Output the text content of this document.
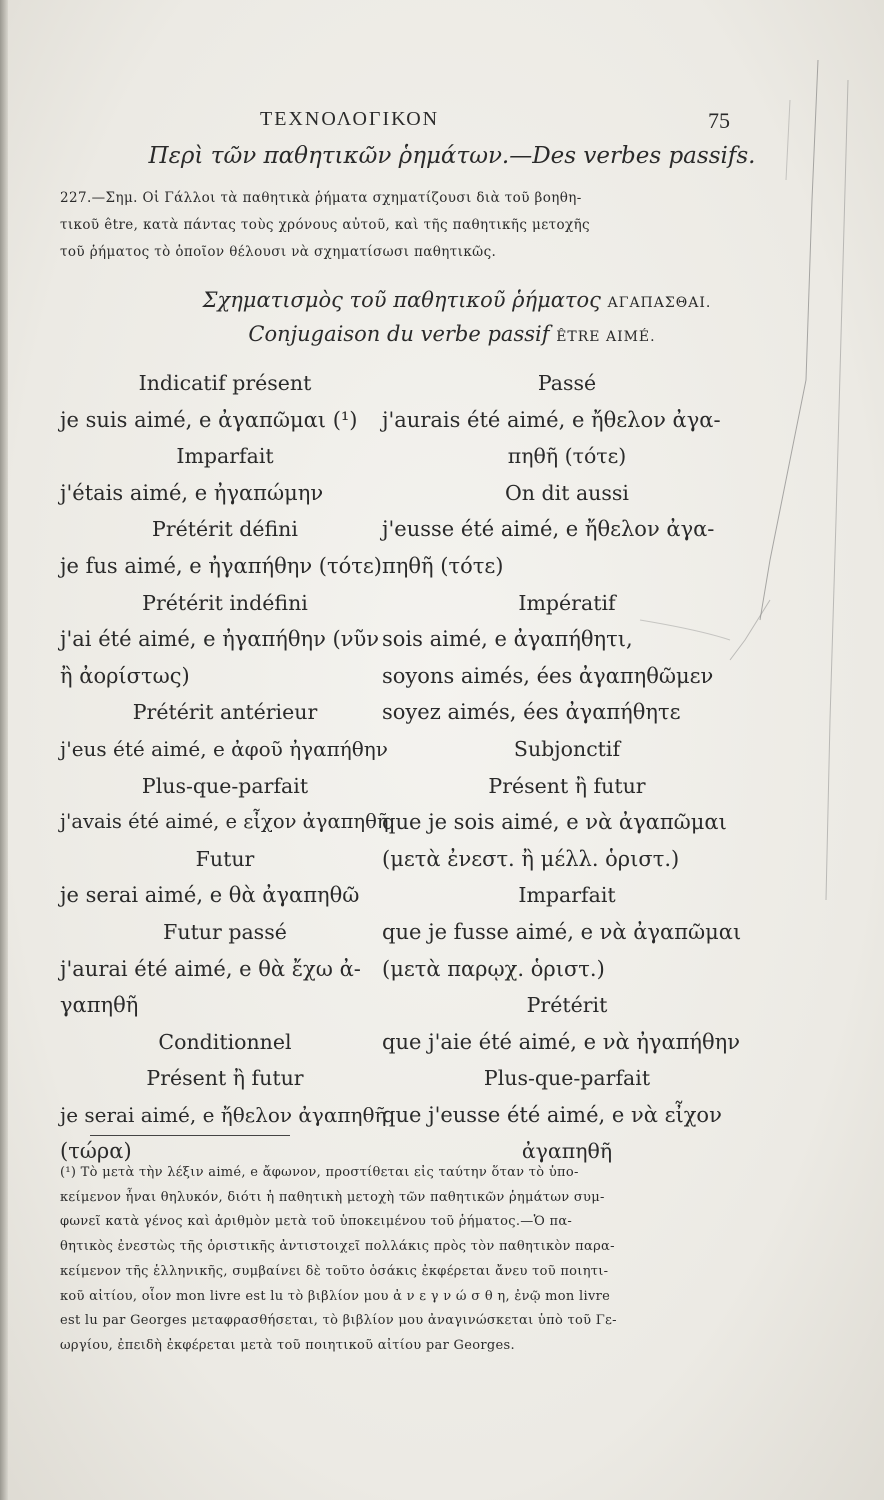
ΤΕΧΝΟΛΟΓΙΚΟΝ	75
Περὶ τῶν παθητικῶν ῥημάτων.—Des verbes passifs.

227.—Σημ. Οἱ Γάλλοι τὰ παθητικὰ ῥήματα σχηματίζουσι διὰ τοῦ βοηθη-

τικοῦ être, κατὰ πάντας τοὺς χρόνους αὐτοῦ, καὶ τῆς παθητικῆς μετοχῆς

τοῦ ῥήματος τὸ ὁποῖον θέλουσι νὰ σχηματίσωσι παθητικῶς.

Σχηματισμὸς τοῦ παθητικοῦ ῥήματος ΑΓΑΠΑΣΘΑΙ.
Conjugaison du verbe passif ÊTRE AIMÉ.
Indicatif présent
je suis aimé, e ἀγαπῶμαι (¹)
Imparfait
j'étais aimé, e ἠγαπώμην
Prétérit défini
je fus aimé, e ἠγαπήθην (τότε)
Prétérit indéfini
j'ai été aimé, e ἠγαπήθην (νῦν
ἢ ἀορίστως)
Prétérit antérieur
j'eus été aimé, e ἀφοῦ ἠγαπήθην
Plus-que-parfait
j'avais été aimé, e εἶχον ἀγαπηθῆ
Futur
je serai aimé, e θὰ ἀγαπηθῶ
Futur passé
j'aurai été aimé, e θὰ ἔχω ἀ-
γαπηθῆ
Conditionnel
Présent ἢ futur
je serai aimé, e ἤθελον ἀγαπηθῆ
(τώρα)
Passé
j'aurais été aimé, e ἤθελον ἀγα-
πηθῆ (τότε)
On dit aussi
j'eusse été aimé, e ἤθελον ἀγα-
πηθῆ (τότε)
Impératif
sois aimé, e ἀγαπήθητι,
soyons aimés, ées ἀγαπηθῶμεν
soyez aimés, ées ἀγαπήθητε
Subjonctif
Présent ἢ futur
que je sois aimé, e νὰ ἀγαπῶμαι
(μετὰ ἐνεστ. ἢ μέλλ. ὁριστ.)
Imparfait
que je fusse aimé, e νὰ ἀγαπῶμαι
(μετὰ παρῳχ. ὁριστ.)
Prétérit
que j'aie été aimé, e νὰ ἠγαπήθην
Plus-que-parfait
que j'eusse été aimé, e νὰ εἶχον
ἀγαπηθῆ

(¹) Τὸ μετὰ τὴν λέξιν aimé, e ἄφωνον, προστίθεται εἰς ταύτην ὅταν τὸ ὑπο-

κείμενον ἦναι θηλυκόν, διότι ἡ παθητικὴ μετοχὴ τῶν παθητικῶν ῥημάτων συμ-

φωνεῖ κατὰ γένος καὶ ἀριθμὸν μετὰ τοῦ ὑποκειμένου τοῦ ῥήματος.—Ὁ πα-

θητικὸς ἐνεστὼς τῆς ὁριστικῆς ἀντιστοιχεῖ πολλάκις πρὸς τὸν παθητικὸν παρα-

κείμενον τῆς ἑλληνικῆς, συμβαίνει δὲ τοῦτο ὁσάκις ἐκφέρεται ἄνευ τοῦ ποιητι-

κοῦ αἰτίου, οἷον mon livre est lu τὸ βιβλίον μου ἀ ν ε γ ν ώ σ θ η, ἐνῷ mon livre

est lu par Georges μεταφρασθήσεται, τὸ βιβλίον μου ἀναγινώσκεται ὑπὸ τοῦ Γε-

ωργίου, ἐπειδὴ ἐκφέρεται μετὰ τοῦ ποιητικοῦ αἰτίου par Georges.
